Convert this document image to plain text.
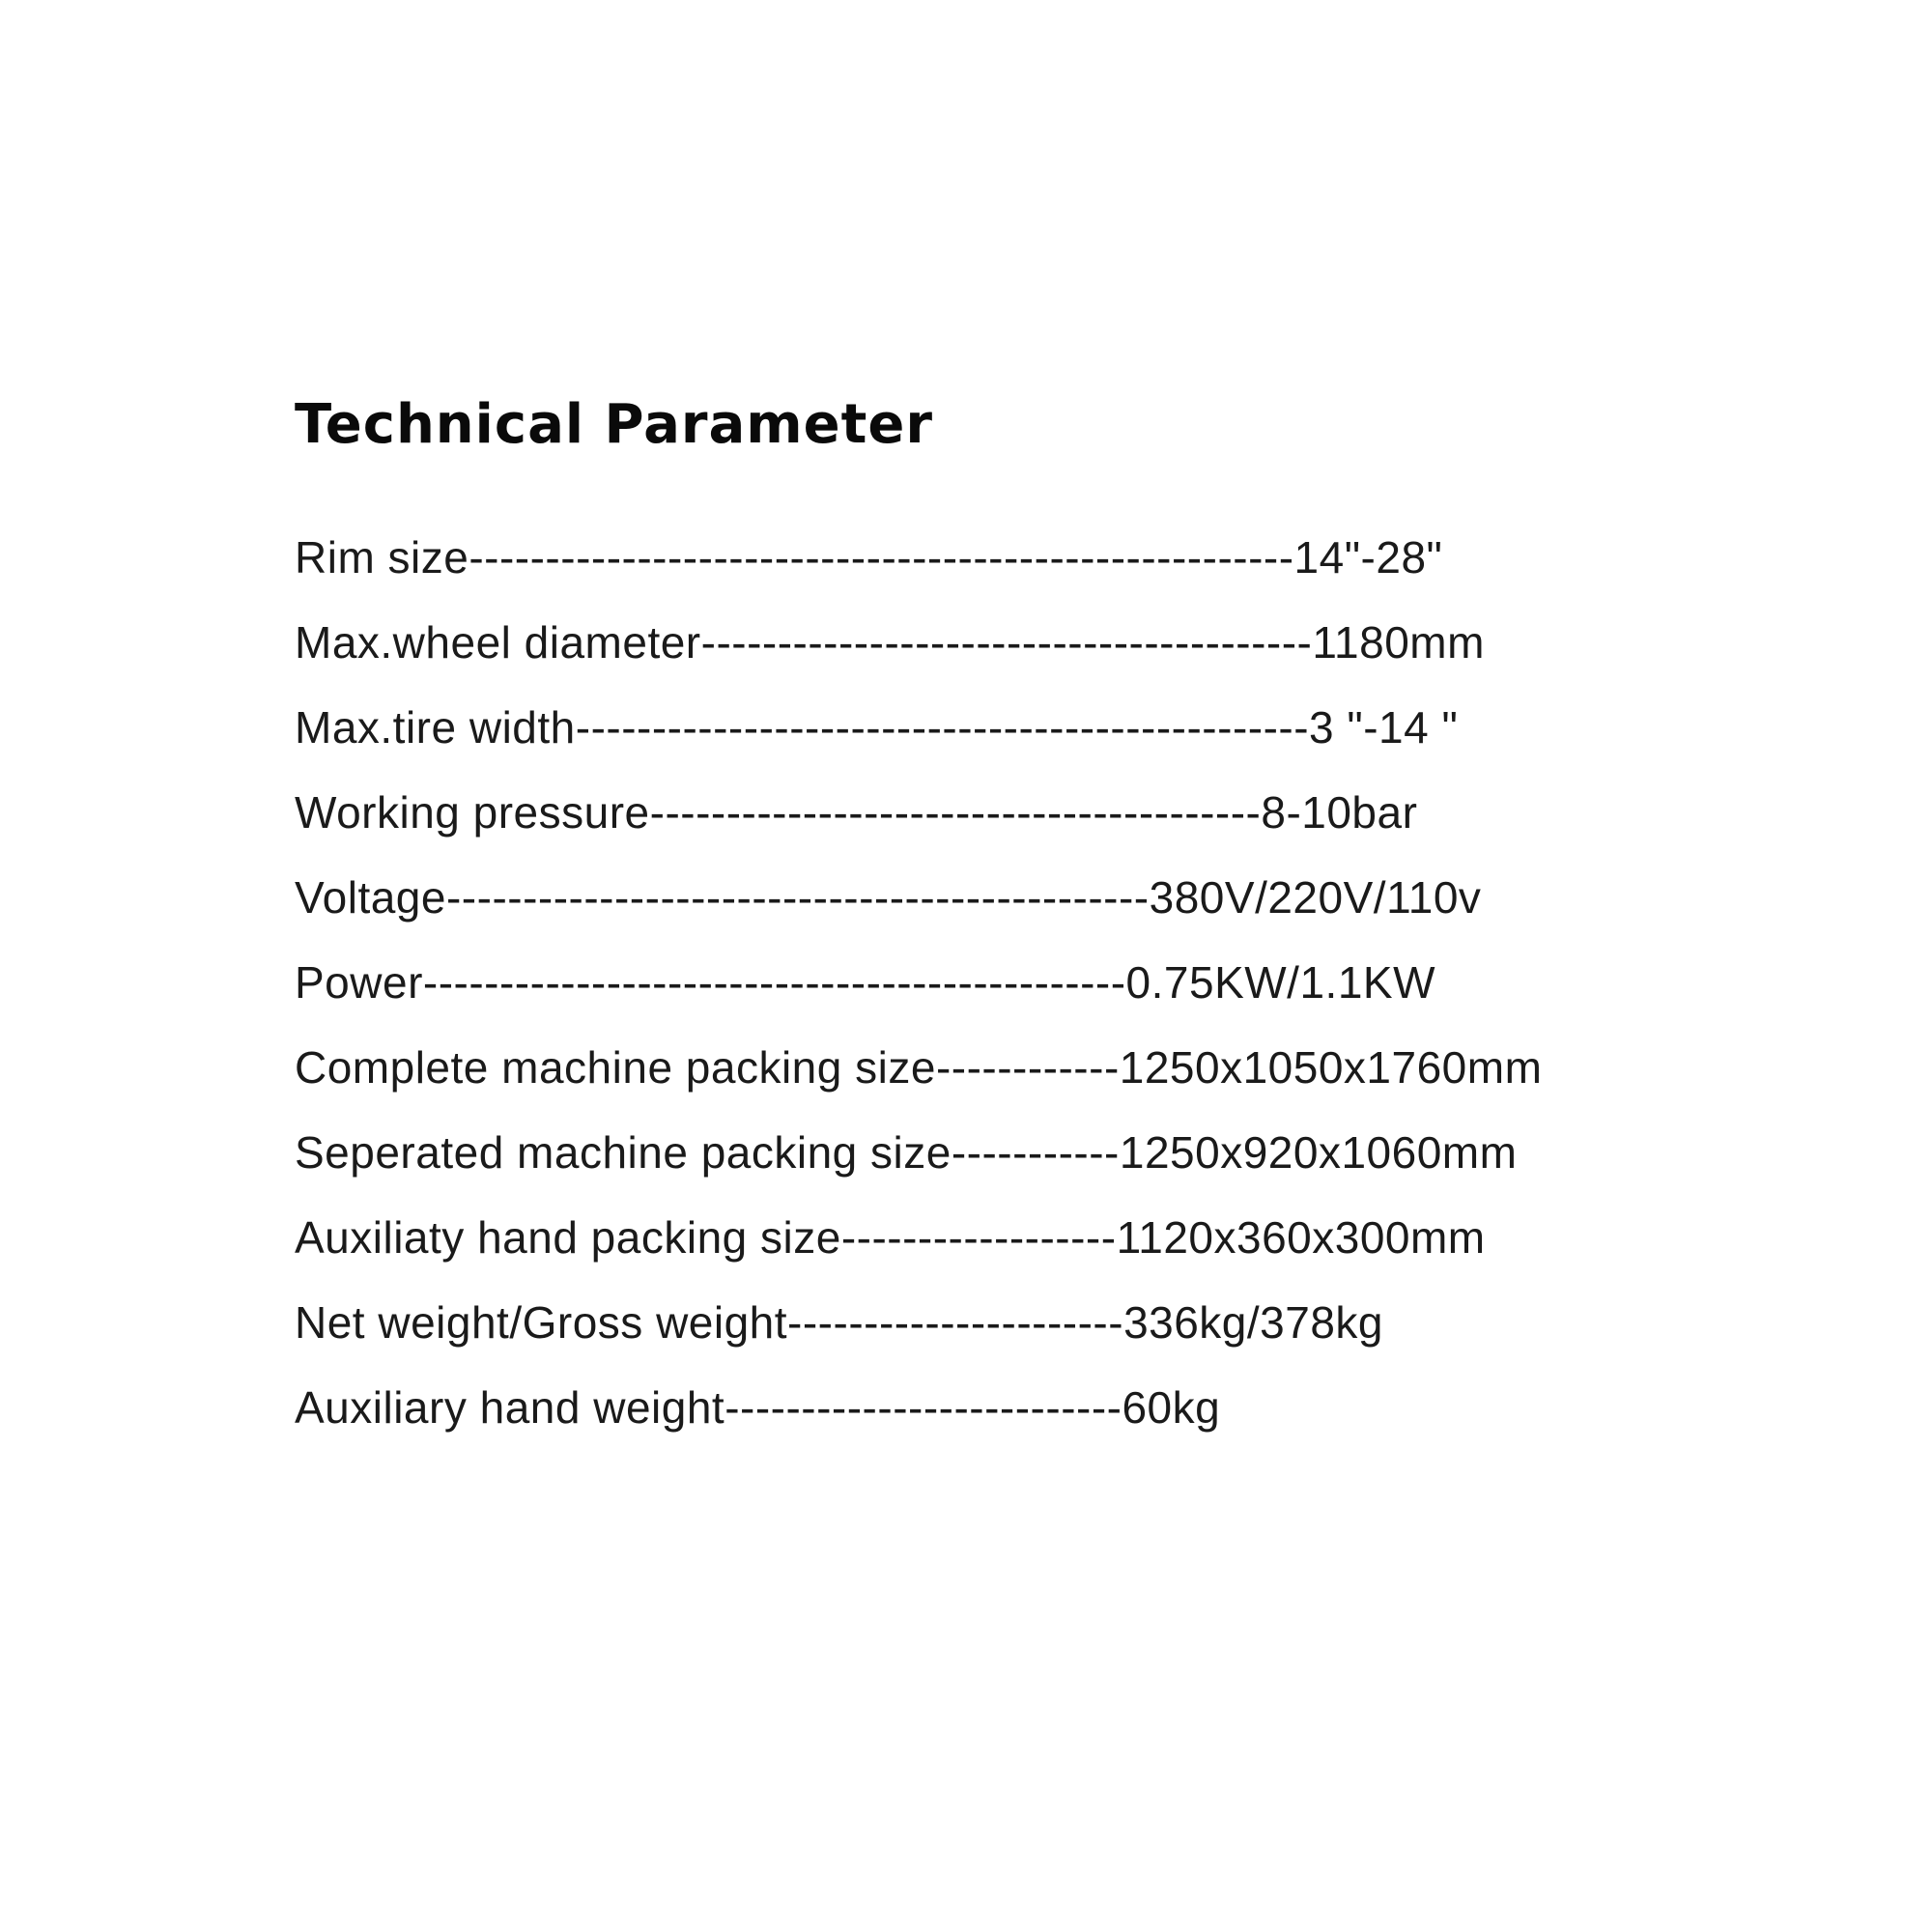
Technical Parameter
Rim size------------------------------------------------------14"-28"
Max.wheel diameter----------------------------------------1180mm
Max.tire width------------------------------------------------3 "-14 "
Working pressure----------------------------------------8-10bar
Voltage----------------------------------------------380V/220V/110v
Power----------------------------------------------0.75KW/1.1KW
Complete machine packing size------------1250x1050x1760mm
Seperated machine packing size-----------1250x920x1060mm
Auxiliaty hand packing size------------------1120x360x300mm
Net weight/Gross weight----------------------336kg/378kg
Auxiliary hand weight--------------------------60kg
